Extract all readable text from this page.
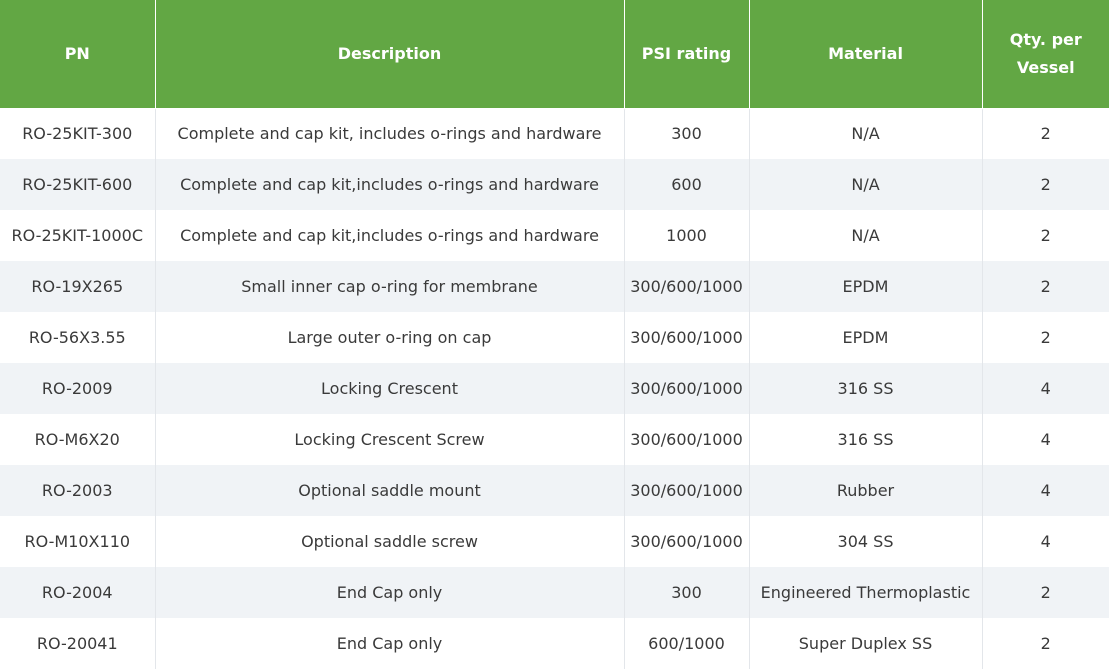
PN	Description	PSI rating	Material	Qty. per Vessel
RO-25KIT-300	Complete and cap kit, includes o-rings and hardware	300	N/A	2
RO-25KIT-600	Complete and cap kit,includes o-rings and hardware	600	N/A	2
RO-25KIT-1000C	Complete and cap kit,includes o-rings and hardware	1000	N/A	2
RO-19X265	Small inner cap o-ring for membrane	300/600/1000	EPDM	2
RO-56X3.55	Large outer o-ring on cap	300/600/1000	EPDM	2
RO-2009	Locking Crescent	300/600/1000	316 SS	4
RO-M6X20	Locking Crescent Screw	300/600/1000	316 SS	4
RO-2003	Optional saddle mount	300/600/1000	Rubber	4
RO-M10X110	Optional saddle screw	300/600/1000	304 SS	4
RO-2004	End Cap only	300	Engineered Thermoplastic	2
RO-20041	End Cap only	600/1000	Super Duplex SS	2
